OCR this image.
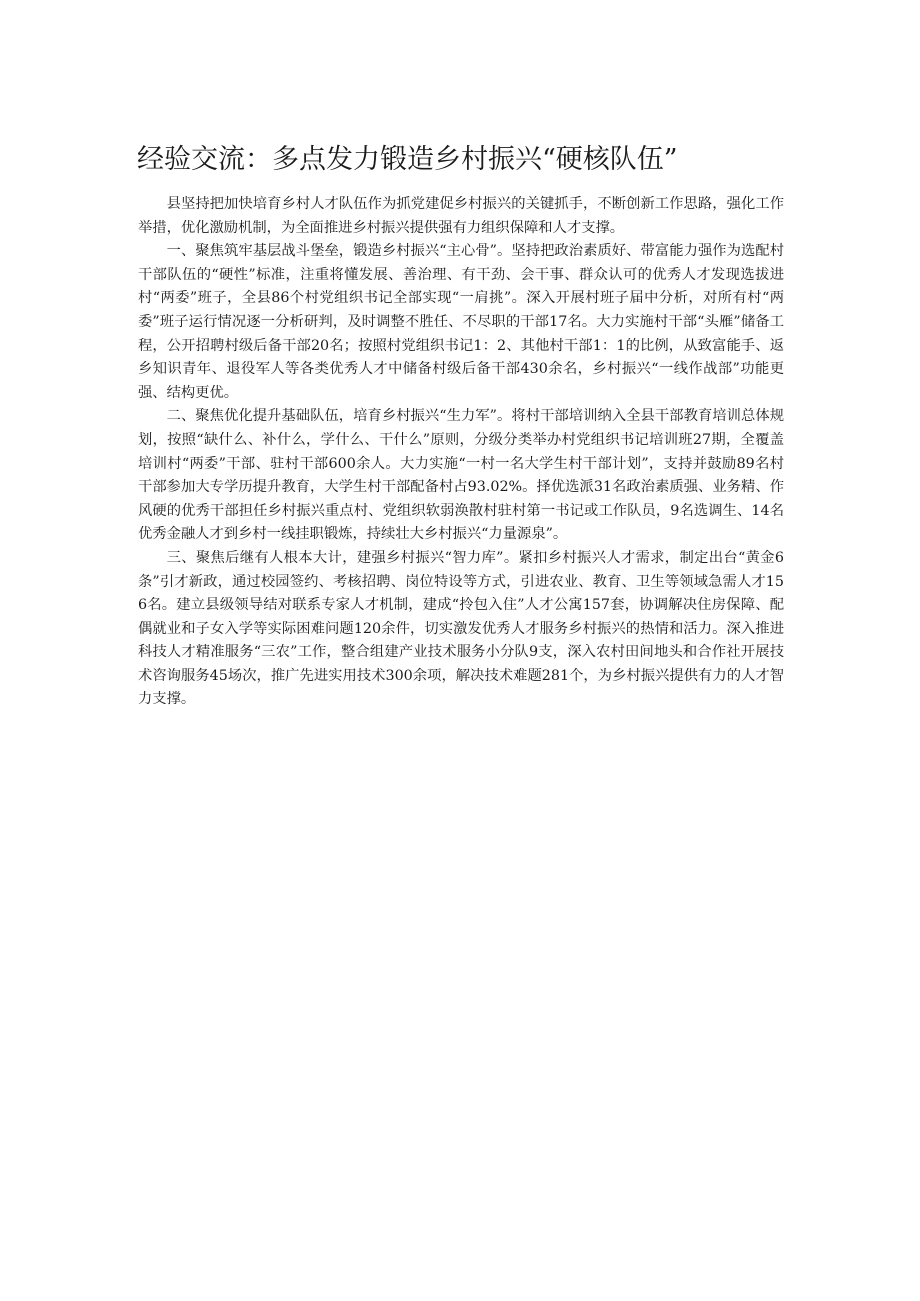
经验交流：多点发力锻造乡村振兴“硬核队伍”

县坚持把加快培育乡村人才队伍作为抓党建促乡村振兴的关键抓手，不断创新工作思路，强化工作举措，优化激励机制，为全面推进乡村振兴提供强有力组织保障和人才支撑。

一、聚焦筑牢基层战斗堡垒，锻造乡村振兴“主心骨”。坚持把政治素质好、带富能力强作为选配村干部队伍的“硬性”标准，注重将懂发展、善治理、有干劲、会干事、群众认可的优秀人才发现选拔进村“两委”班子，全县86个村党组织书记全部实现“一肩挑”。深入开展村班子届中分析，对所有村“两委”班子运行情况逐一分析研判，及时调整不胜任、不尽职的干部17名。大力实施村干部“头雁”储备工程，公开招聘村级后备干部20名；按照村党组织书记1：2、其他村干部1：1的比例，从致富能手、返乡知识青年、退役军人等各类优秀人才中储备村级后备干部430余名，乡村振兴“一线作战部”功能更强、结构更优。

二、聚焦优化提升基础队伍，培育乡村振兴“生力军”。将村干部培训纳入全县干部教育培训总体规划，按照“缺什么、补什么，学什么、干什么”原则，分级分类举办村党组织书记培训班27期，全覆盖培训村“两委”干部、驻村干部600余人。大力实施“一村一名大学生村干部计划”，支持并鼓励89名村干部参加大专学历提升教育，大学生村干部配备村占93.02%。择优选派31名政治素质强、业务精、作风硬的优秀干部担任乡村振兴重点村、党组织软弱涣散村驻村第一书记或工作队员，9名选调生、14名优秀金融人才到乡村一线挂职锻炼，持续壮大乡村振兴“力量源泉”。

三、聚焦后继有人根本大计，建强乡村振兴“智力库”。紧扣乡村振兴人才需求，制定出台“黄金6条”引才新政，通过校园签约、考核招聘、岗位特设等方式，引进农业、教育、卫生等领域急需人才156名。建立县级领导结对联系专家人才机制，建成“拎包入住”人才公寓157套，协调解决住房保障、配偶就业和子女入学等实际困难问题120余件，切实激发优秀人才服务乡村振兴的热情和活力。深入推进科技人才精准服务“三农”工作，整合组建产业技术服务小分队9支，深入农村田间地头和合作社开展技术咨询服务45场次，推广先进实用技术300余项，解决技术难题281个，为乡村振兴提供有力的人才智力支撑。
